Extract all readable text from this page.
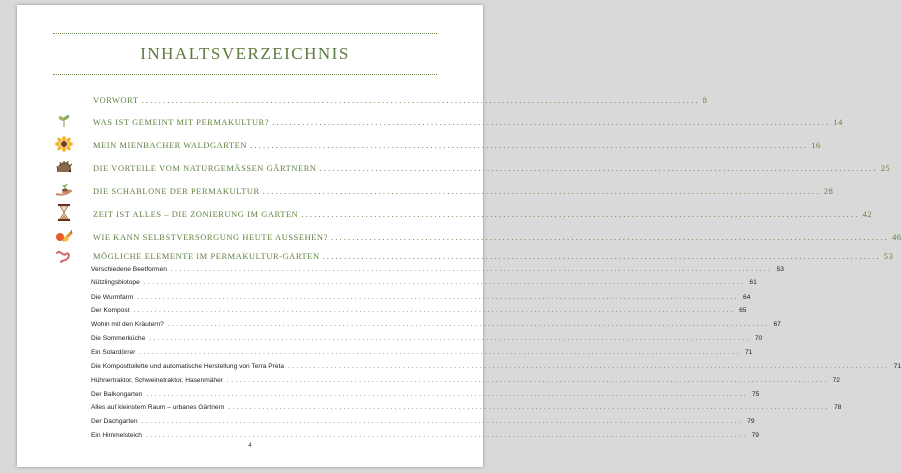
INHALTSVERZEICHNIS
VORWORT .................................................................................................................................. 8
WAS IST GEMEINT MIT PERMAKULTUR? .................................................................................................................................. 14
MEIN MIENBACHER WALDGARTEN .................................................................................................................................. 16
DIE VORTEILE VOM NATURGEMÄSSEN GÄRTNERN .................................................................................................................................. 25
DIE SCHABLONE DER PERMAKULTUR .................................................................................................................................. 28
ZEIT IST ALLES – DIE ZONIERUNG IM GARTEN .................................................................................................................................. 42
WIE KANN SELBSTVERSORGUNG HEUTE AUSSEHEN? .................................................................................................................................. 46
MÖGLICHE ELEMENTE IM PERMAKULTUR-GARTEN .................................................................................................................................. 53
Verschiedene Beetformen ............................................................................................................................................. 53
Nützlingsbiotope ............................................................................................................................................. 61
Die Wurmfarm ............................................................................................................................................. 64
Der Kompost ............................................................................................................................................. 65
Wohin mit den Kräutern? ............................................................................................................................................. 67
Die Sommerküche ............................................................................................................................................. 70
Ein Solardörrer ............................................................................................................................................. 71
Die Komposttoilette und automatische Herstellung von Terra Preta ............................................................................................................................................. 71
Hühnertraktor, Schweinetraktor, Hasenmäher ............................................................................................................................................. 72
Der Balkongarten ............................................................................................................................................. 75
Alles auf kleinstem Raum – urbanes Gärtnern ............................................................................................................................................. 78
Der Dachgarten ............................................................................................................................................. 79
Ein Himmelsteich ............................................................................................................................................. 79
4
